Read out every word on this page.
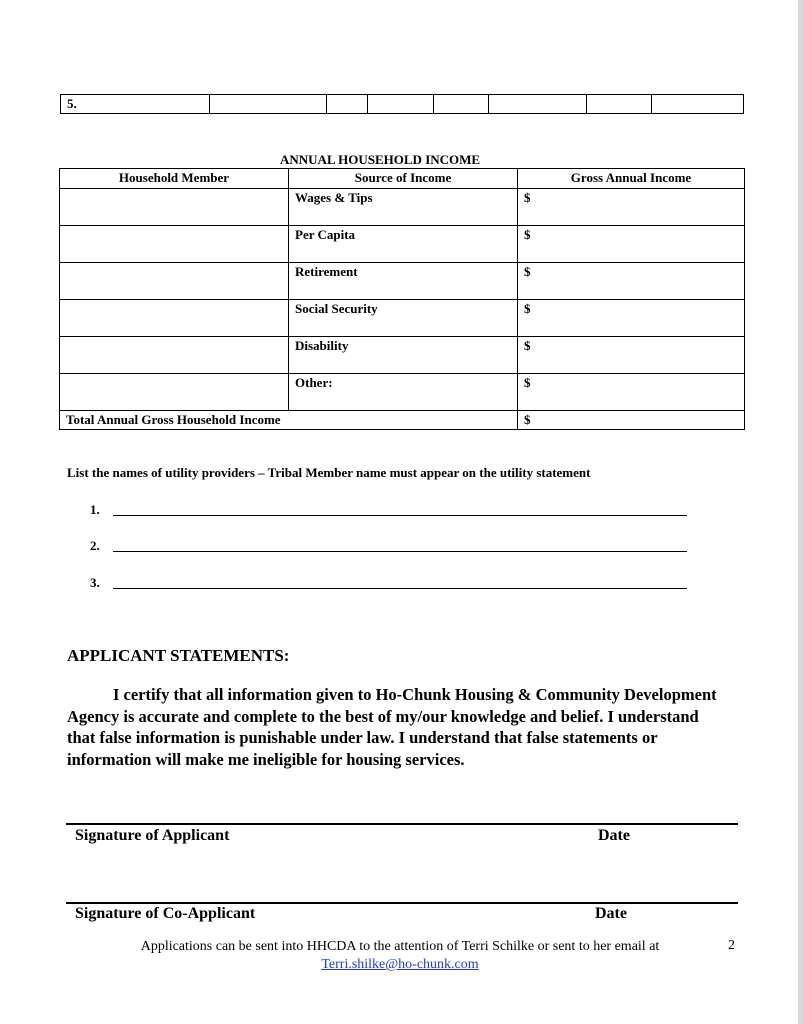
5.
ANNUAL HOUSEHOLD INCOME
Household Member	Source of Income	Gross Annual Income
	Wages & Tips	$
	Per Capita	$
	Retirement	$
	Social Security	$
	Disability	$
	Other:	$
Total Annual Gross Household Income		$
List the names of utility providers – Tribal Member name must appear on the utility statement
1.
2.
3.
APPLICANT STATEMENTS:
I certify that all information given to Ho-Chunk Housing & Community Development Agency is accurate and complete to the best of my/our knowledge and belief. I understand that false information is punishable under law. I understand that false statements or information will make me ineligible for housing services.
Signature of Applicant	Date
Signature of Co-Applicant	Date
Applications can be sent into HHCDA to the attention of Terri Schilke or sent to her email at
Terri.shilke@ho-chunk.com
2
